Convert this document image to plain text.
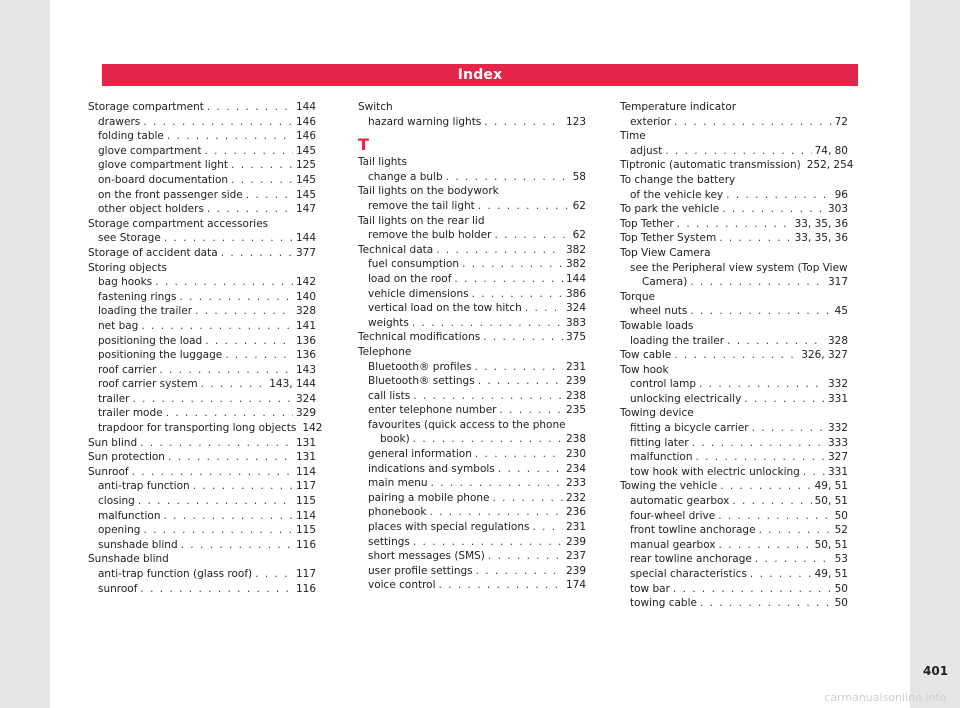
Index
Storage compartment . . .	144
drawers . . .	146
folding table . . .	146
glove compartment . . .	145
glove compartment light . . .	125
on-board documentation . . .	145
on the front passenger side . . .	145
other object holders . . .	147
Storage compartment accessories
see Storage . . .	144
Storage of accident data . . .	377
Storing objects
bag hooks . . .	142
fastening rings . . .	140
loading the trailer . . .	328
net bag . . .	141
positioning the load . . .	136
positioning the luggage . . .	136
roof carrier . . .	143
roof carrier system . . .	143, 144
trailer . . .	324
trailer mode . . .	329
trapdoor for transporting long objects 142
Sun blind . . .	131
Sun protection . . .	131
Sunroof . . .	114
anti-trap function . . .	117
closing . . .	115
malfunction . . .	114
opening . . .	115
sunshade blind . . .	116
Sunshade blind
anti-trap function (glass roof) . . .	117
sunroof . . .	116
Switch
hazard warning lights . . .	123
T
Tail lights
change a bulb . . .	58
Tail lights on the bodywork
remove the tail light . . .	62
Tail lights on the rear lid
remove the bulb holder . . .	62
Technical data . . .	382
fuel consumption . . .	382
load on the roof . . .	144
vehicle dimensions . . .	386
vertical load on the tow hitch . . .	324
weights . . .	383
Technical modifications . . .	375
Telephone
Bluetooth® profiles . . .	231
Bluetooth® settings . . .	239
call lists . . .	238
enter telephone number . . .	235
favourites (quick access to the phone
book) . . .	238
general information . . .	230
indications and symbols . . .	234
main menu . . .	233
pairing a mobile phone . . .	232
phonebook . . .	236
places with special regulations . . .	231
settings . . .	239
short messages (SMS) . . .	237
user profile settings . . .	239
voice control . . .	174
Temperature indicator
exterior . . .	72
Time
adjust . . .	74, 80
Tiptronic (automatic transmission) 252, 254
To change the battery
of the vehicle key . . .	96
To park the vehicle . . .	303
Top Tether . . .	33, 35, 36
Top Tether System . . .	33, 35, 36
Top View Camera
see the Peripheral view system (Top View
Camera) . . .	317
Torque
wheel nuts . . .	45
Towable loads
loading the trailer . . .	328
Tow cable . . .	326, 327
Tow hook
control lamp . . .	332
unlocking electrically . . .	331
Towing device
fitting a bicycle carrier . . .	332
fitting later . . .	333
malfunction . . .	327
tow hook with electric unlocking . . .	331
Towing the vehicle . . .	49, 51
automatic gearbox . . .	50, 51
four-wheel drive . . .	50
front towline anchorage . . .	52
manual gearbox . . .	50, 51
rear towline anchorage . . .	53
special characteristics . . .	49, 51
tow bar . . .	50
towing cable . . .	50
401
carmanualsonline.info
